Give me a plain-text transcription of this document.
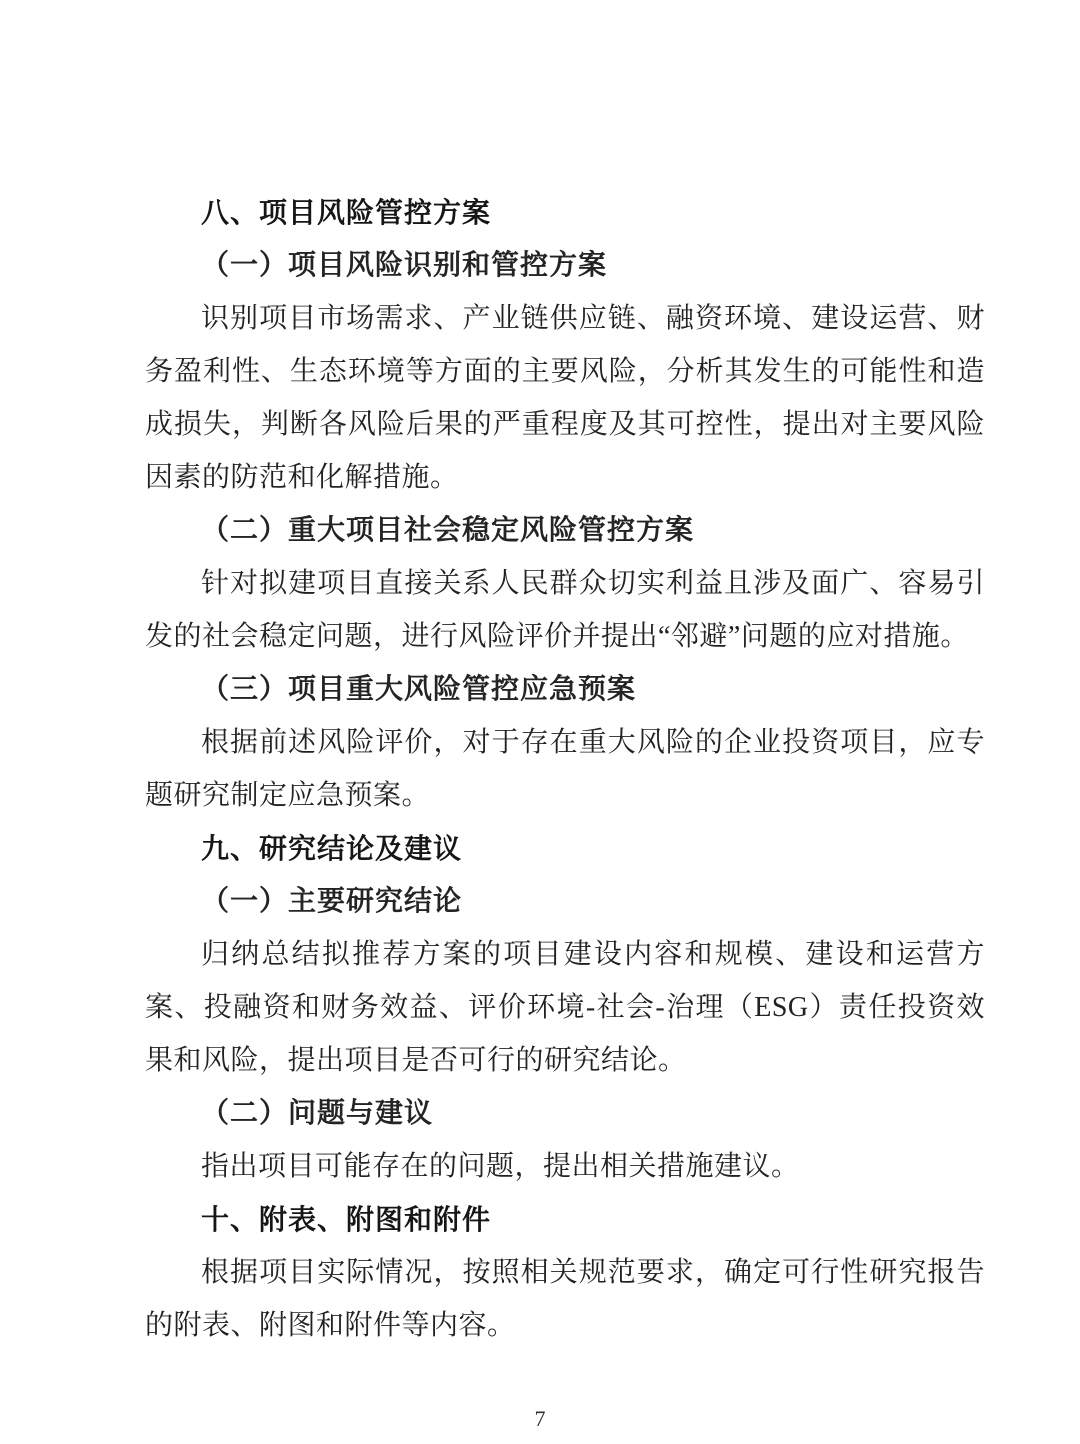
八、项目风险管控方案
（一）项目风险识别和管控方案

识别项目市场需求、产业链供应链、融资环境、建设运营、财务盈利性、生态环境等方面的主要风险，分析其发生的可能性和造成损失，判断各风险后果的严重程度及其可控性，提出对主要风险因素的防范和化解措施。

（二）重大项目社会稳定风险管控方案

针对拟建项目直接关系人民群众切实利益且涉及面广、容易引发的社会稳定问题，进行风险评价并提出“邻避”问题的应对措施。

（三）项目重大风险管控应急预案

根据前述风险评价，对于存在重大风险的企业投资项目，应专题研究制定应急预案。

九、研究结论及建议
（一）主要研究结论

归纳总结拟推荐方案的项目建设内容和规模、建设和运营方案、投融资和财务效益、评价环境-社会-治理（ESG）责任投资效果和风险，提出项目是否可行的研究结论。

（二）问题与建议

指出项目可能存在的问题，提出相关措施建议。

十、附表、附图和附件

根据项目实际情况，按照相关规范要求，确定可行性研究报告的附表、附图和附件等内容。

7
